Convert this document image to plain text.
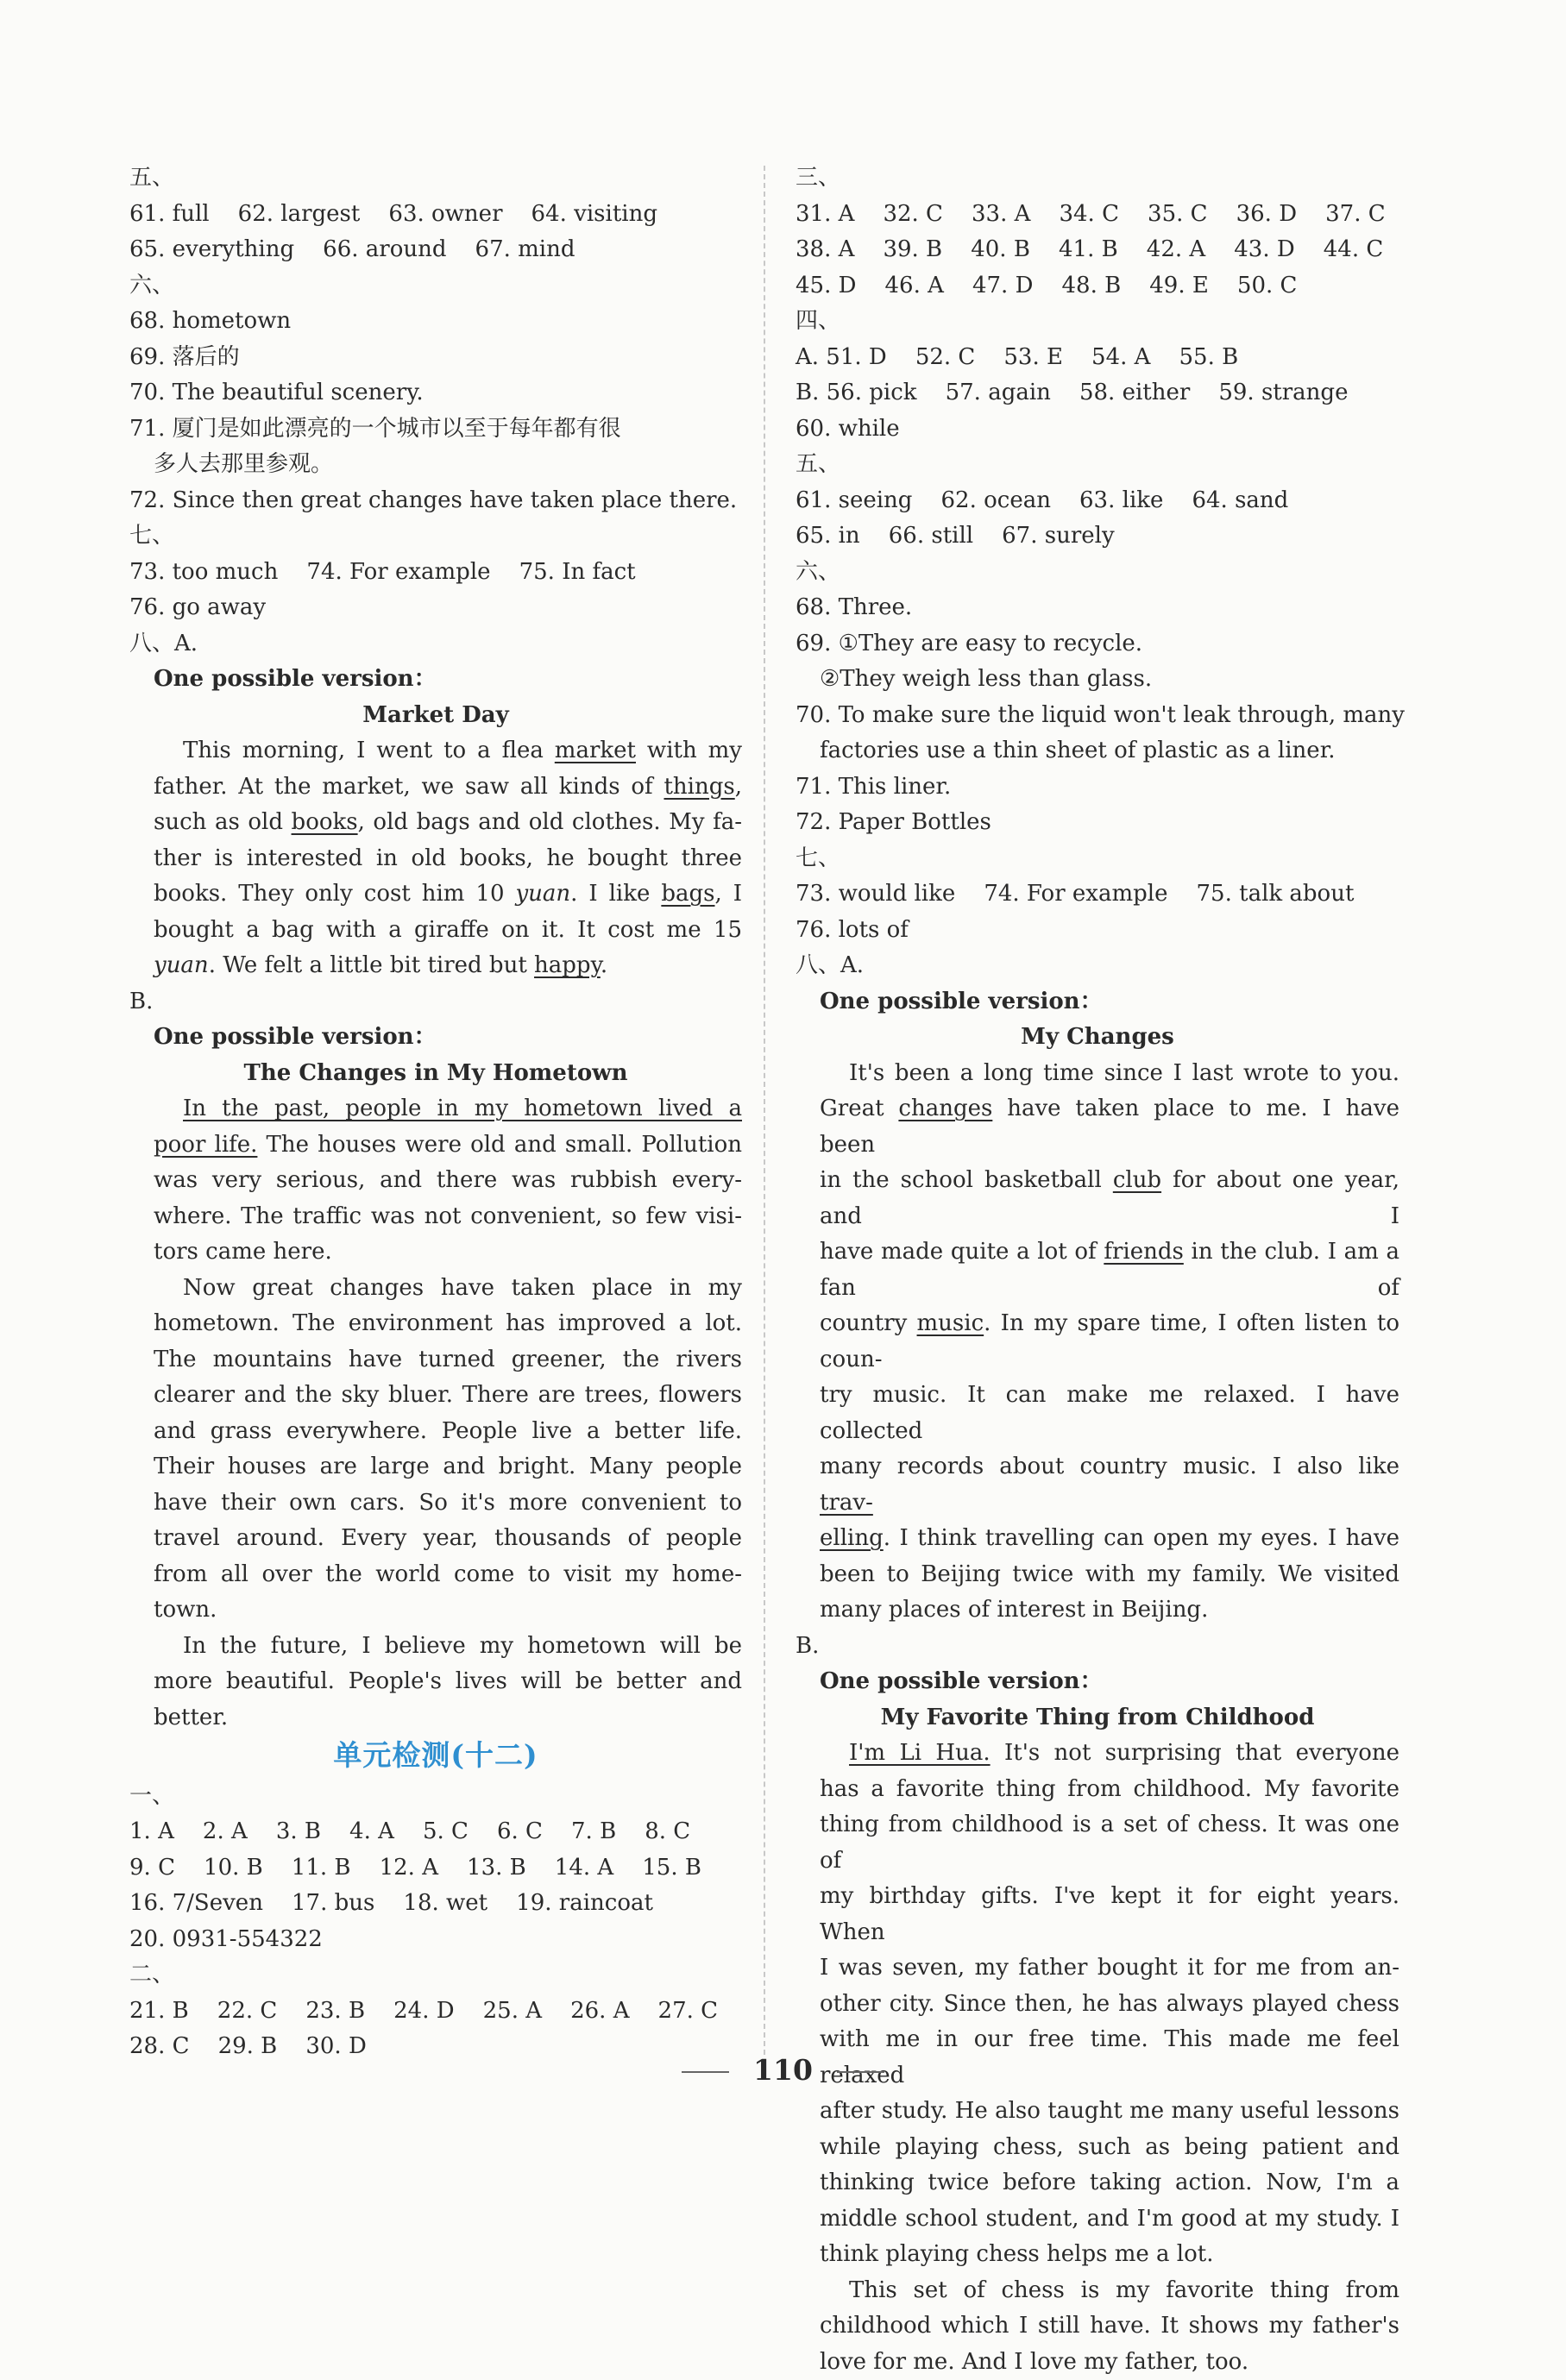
五、
61. full    62. largest    63. owner    64. visiting
65. everything    66. around    67. mind
六、
68. hometown
69. 落后的
70. The beautiful scenery.
71. 厦门是如此漂亮的一个城市以至于每年都有很
多人去那里参观。
72. Since then great changes have taken place there.
七、
73. too much    74. For example    75. In fact
76. go away
八、A.
One possible version：
Market Day
This morning, I went to a flea market with my
father. At the market, we saw all kinds of things,
such as old books, old bags and old clothes. My fa-
ther is interested in old books, he bought three
books. They only cost him 10 yuan. I like bags, I
bought a bag with a giraffe on it. It cost me 15
yuan. We felt a little bit tired but happy.
B.
One possible version：
The Changes in My Hometown
In the past, people in my hometown lived a
poor life. The houses were old and small. Pollution
was very serious, and there was rubbish every-
where. The traffic was not convenient, so few visi-
tors came here.
Now great changes have taken place in my
hometown. The environment has improved a lot.
The mountains have turned greener, the rivers
clearer and the sky bluer. There are trees, flowers
and grass everywhere. People live a better life.
Their houses are large and bright. Many people
have their own cars. So it's more convenient to
travel around. Every year, thousands of people
from all over the world come to visit my home-
town.
In the future, I believe my hometown will be
more beautiful. People's lives will be better and
better.
单元检测(十二)
一、
1. A    2. A    3. B    4. A    5. C    6. C    7. B    8. C
9. C    10. B    11. B    12. A    13. B    14. A    15. B
16. 7/Seven    17. bus    18. wet    19. raincoat
20. 0931-554322
二、
21. B    22. C    23. B    24. D    25. A    26. A    27. C
28. C    29. B    30. D
三、
31. A    32. C    33. A    34. C    35. C    36. D    37. C
38. A    39. B    40. B    41. B    42. A    43. D    44. C
45. D    46. A    47. D    48. B    49. E    50. C
四、
A. 51. D    52. C    53. E    54. A    55. B
B. 56. pick    57. again    58. either    59. strange
60. while
五、
61. seeing    62. ocean    63. like    64. sand
65. in    66. still    67. surely
六、
68. Three.
69. ①They are easy to recycle.
②They weigh less than glass.
70. To make sure the liquid won't leak through, many
factories use a thin sheet of plastic as a liner.
71. This liner.
72. Paper Bottles
七、
73. would like    74. For example    75. talk about
76. lots of
八、A.
One possible version：
My Changes
It's been a long time since I last wrote to you.
Great changes have taken place to me. I have been
in the school basketball club for about one year, and I
have made quite a lot of friends in the club. I am a fan of
country music. In my spare time, I often listen to coun-
try music. It can make me relaxed. I have collected
many records about country music. I also like trav-
elling. I think travelling can open my eyes. I have
been to Beijing twice with my family. We visited
many places of interest in Beijing.
B.
One possible version：
My Favorite Thing from Childhood
I'm Li Hua. It's not surprising that everyone
has a favorite thing from childhood. My favorite
thing from childhood is a set of chess. It was one of
my birthday gifts. I've kept it for eight years. When
I was seven, my father bought it for me from an-
other city. Since then, he has always played chess
with me in our free time. This made me feel relaxed
after study. He also taught me many useful lessons
while playing chess, such as being patient and
thinking twice before taking action. Now, I'm a
middle school student, and I'm good at my study. I
think playing chess helps me a lot.
This set of chess is my favorite thing from
childhood which I still have. It shows my father's
love for me. And I love my father, too.
110
